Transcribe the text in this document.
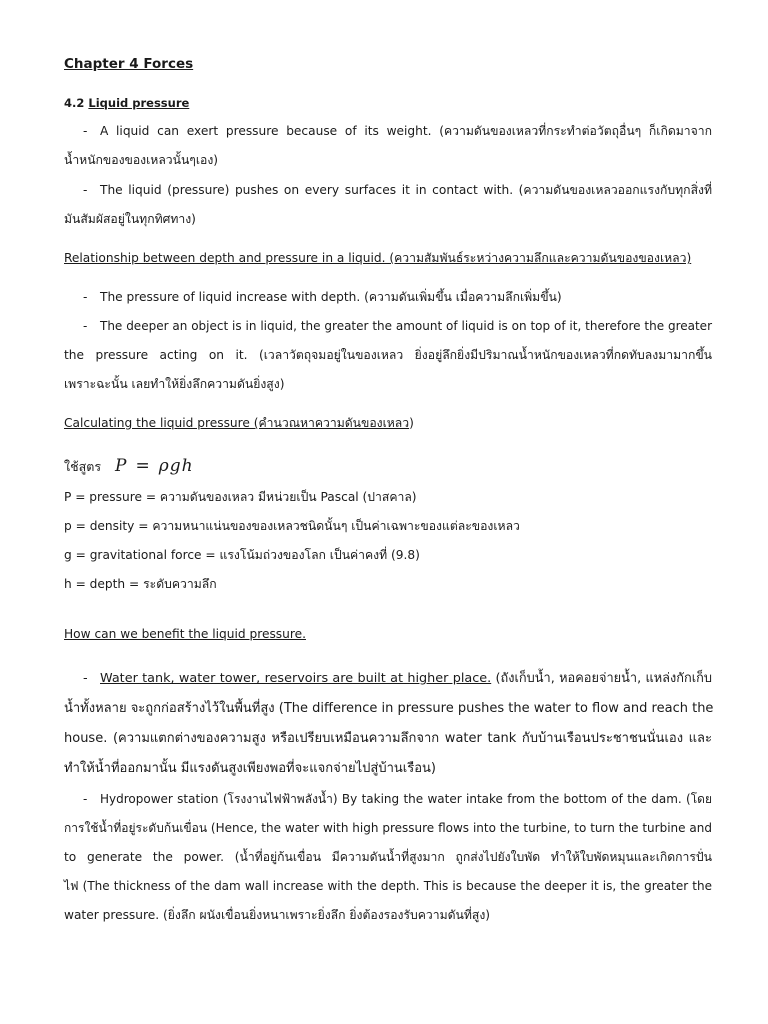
Chapter 4 Forces
4.2 Liquid pressure
- A liquid can exert pressure because of its weight. (ความดันของเหลวที่กระทำต่อวัตถุอื่นๆ ก็เกิดมาจาก
น้ำหนักของของเหลวนั้นๆเอง)
- The liquid (pressure) pushes on every surfaces it in contact with. (ความดันของเหลวออกแรงกับทุกสิ่งที่
มันสัมผัสอยู่ในทุกทิศทาง)
Relationship between depth and pressure in a liquid. (ความสัมพันธ์ระหว่างความลึกและความดันของของเหลว)
- The pressure of liquid increase with depth. (ความดันเพิ่มขึ้น เมื่อความลึกเพิ่มขึ้น)
- The deeper an object is in liquid, the greater the amount of liquid is on top of it, therefore the greater
the pressure acting on it. (เวลาวัตถุจมอยู่ในของเหลว ยิ่งอยู่ลึกยิ่งมีปริมาณน้ำหนักของเหลวที่กดทับลงมามากขึ้น
เพราะฉะนั้น เลยทำให้ยิ่งลึกความดันยิ่งสูง)
Calculating the liquid pressure (คำนวณหาความดันของเหลว)
ใช้สูตร P = ρgh
P = pressure = ความดันของเหลว มีหน่วยเป็น Pascal (ปาสคาล)
p = density = ความหนาแน่นของของเหลวชนิดนั้นๆ เป็นค่าเฉพาะของแต่ละของเหลว
g = gravitational force = แรงโน้มถ่วงของโลก เป็นค่าคงที่ (9.8)
h = depth = ระดับความลึก
How can we benefit the liquid pressure.
- Water tank, water tower, reservoirs are built at higher place. (ถังเก็บน้ำ, หอคอยจ่ายน้ำ, แหล่งกักเก็บ
น้ำทั้งหลาย จะถูกก่อสร้างไว้ในพื้นที่สูง (The difference in pressure pushes the water to flow and reach the
house. (ความแตกต่างของความสูง หรือเปรียบเหมือนความลึกจาก water tank กับบ้านเรือนประชาชนนั่นเอง และ
ทำให้น้ำที่ออกมานั้น มีแรงดันสูงเพียงพอที่จะแจกจ่ายไปสู่บ้านเรือน)
- Hydropower station (โรงงานไฟฟ้าพลังน้ำ) By taking the water intake from the bottom of the dam. (โดย
การใช้น้ำที่อยู่ระดับก้นเขื่อน (Hence, the water with high pressure flows into the turbine, to turn the turbine and
to generate the power. (น้ำที่อยู่ก้นเขื่อน มีความดันน้ำที่สูงมาก ถูกส่งไปยังใบพัด ทำให้ใบพัดหมุนและเกิดการปั่น
ไฟ (The thickness of the dam wall increase with the depth. This is because the deeper it is, the greater the
water pressure. (ยิ่งลึก ผนังเขื่อนยิ่งหนาเพราะยิ่งลึก ยิ่งต้องรองรับความดันที่สูง)
